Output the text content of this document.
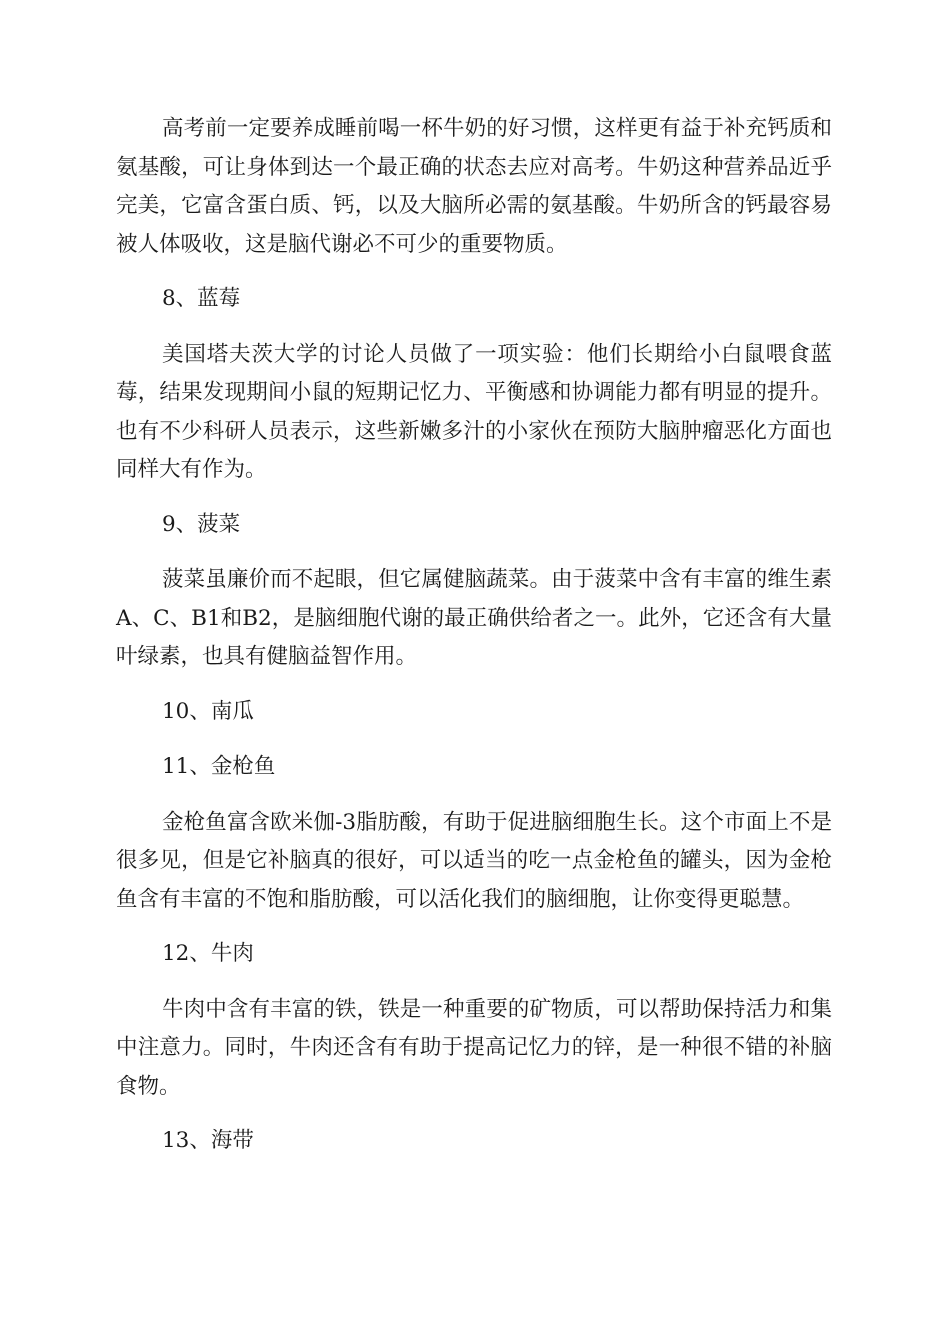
高考前一定要养成睡前喝一杯牛奶的好习惯，这样更有益于补充钙质和氨基酸，可让身体到达一个最正确的状态去应对高考。牛奶这种营养品近乎完美，它富含蛋白质、钙，以及大脑所必需的氨基酸。牛奶所含的钙最容易被人体吸收，这是脑代谢必不可少的重要物质。

8、蓝莓

美国塔夫茨大学的讨论人员做了一项实验：他们长期给小白鼠喂食蓝莓，结果发现期间小鼠的短期记忆力、平衡感和协调能力都有明显的提升。也有不少科研人员表示，这些新嫩多汁的小家伙在预防大脑肿瘤恶化方面也同样大有作为。

9、菠菜

菠菜虽廉价而不起眼，但它属健脑蔬菜。由于菠菜中含有丰富的维生素A、C、B1和B2，是脑细胞代谢的最正确供给者之一。此外，它还含有大量叶绿素，也具有健脑益智作用。

10、南瓜

11、金枪鱼

金枪鱼富含欧米伽-3脂肪酸，有助于促进脑细胞生长。这个市面上不是很多见，但是它补脑真的很好，可以适当的吃一点金枪鱼的罐头，因为金枪鱼含有丰富的不饱和脂肪酸，可以活化我们的脑细胞，让你变得更聪慧。

12、牛肉

牛肉中含有丰富的铁，铁是一种重要的矿物质，可以帮助保持活力和集中注意力。同时，牛肉还含有有助于提高记忆力的锌，是一种很不错的补脑食物。

13、海带
